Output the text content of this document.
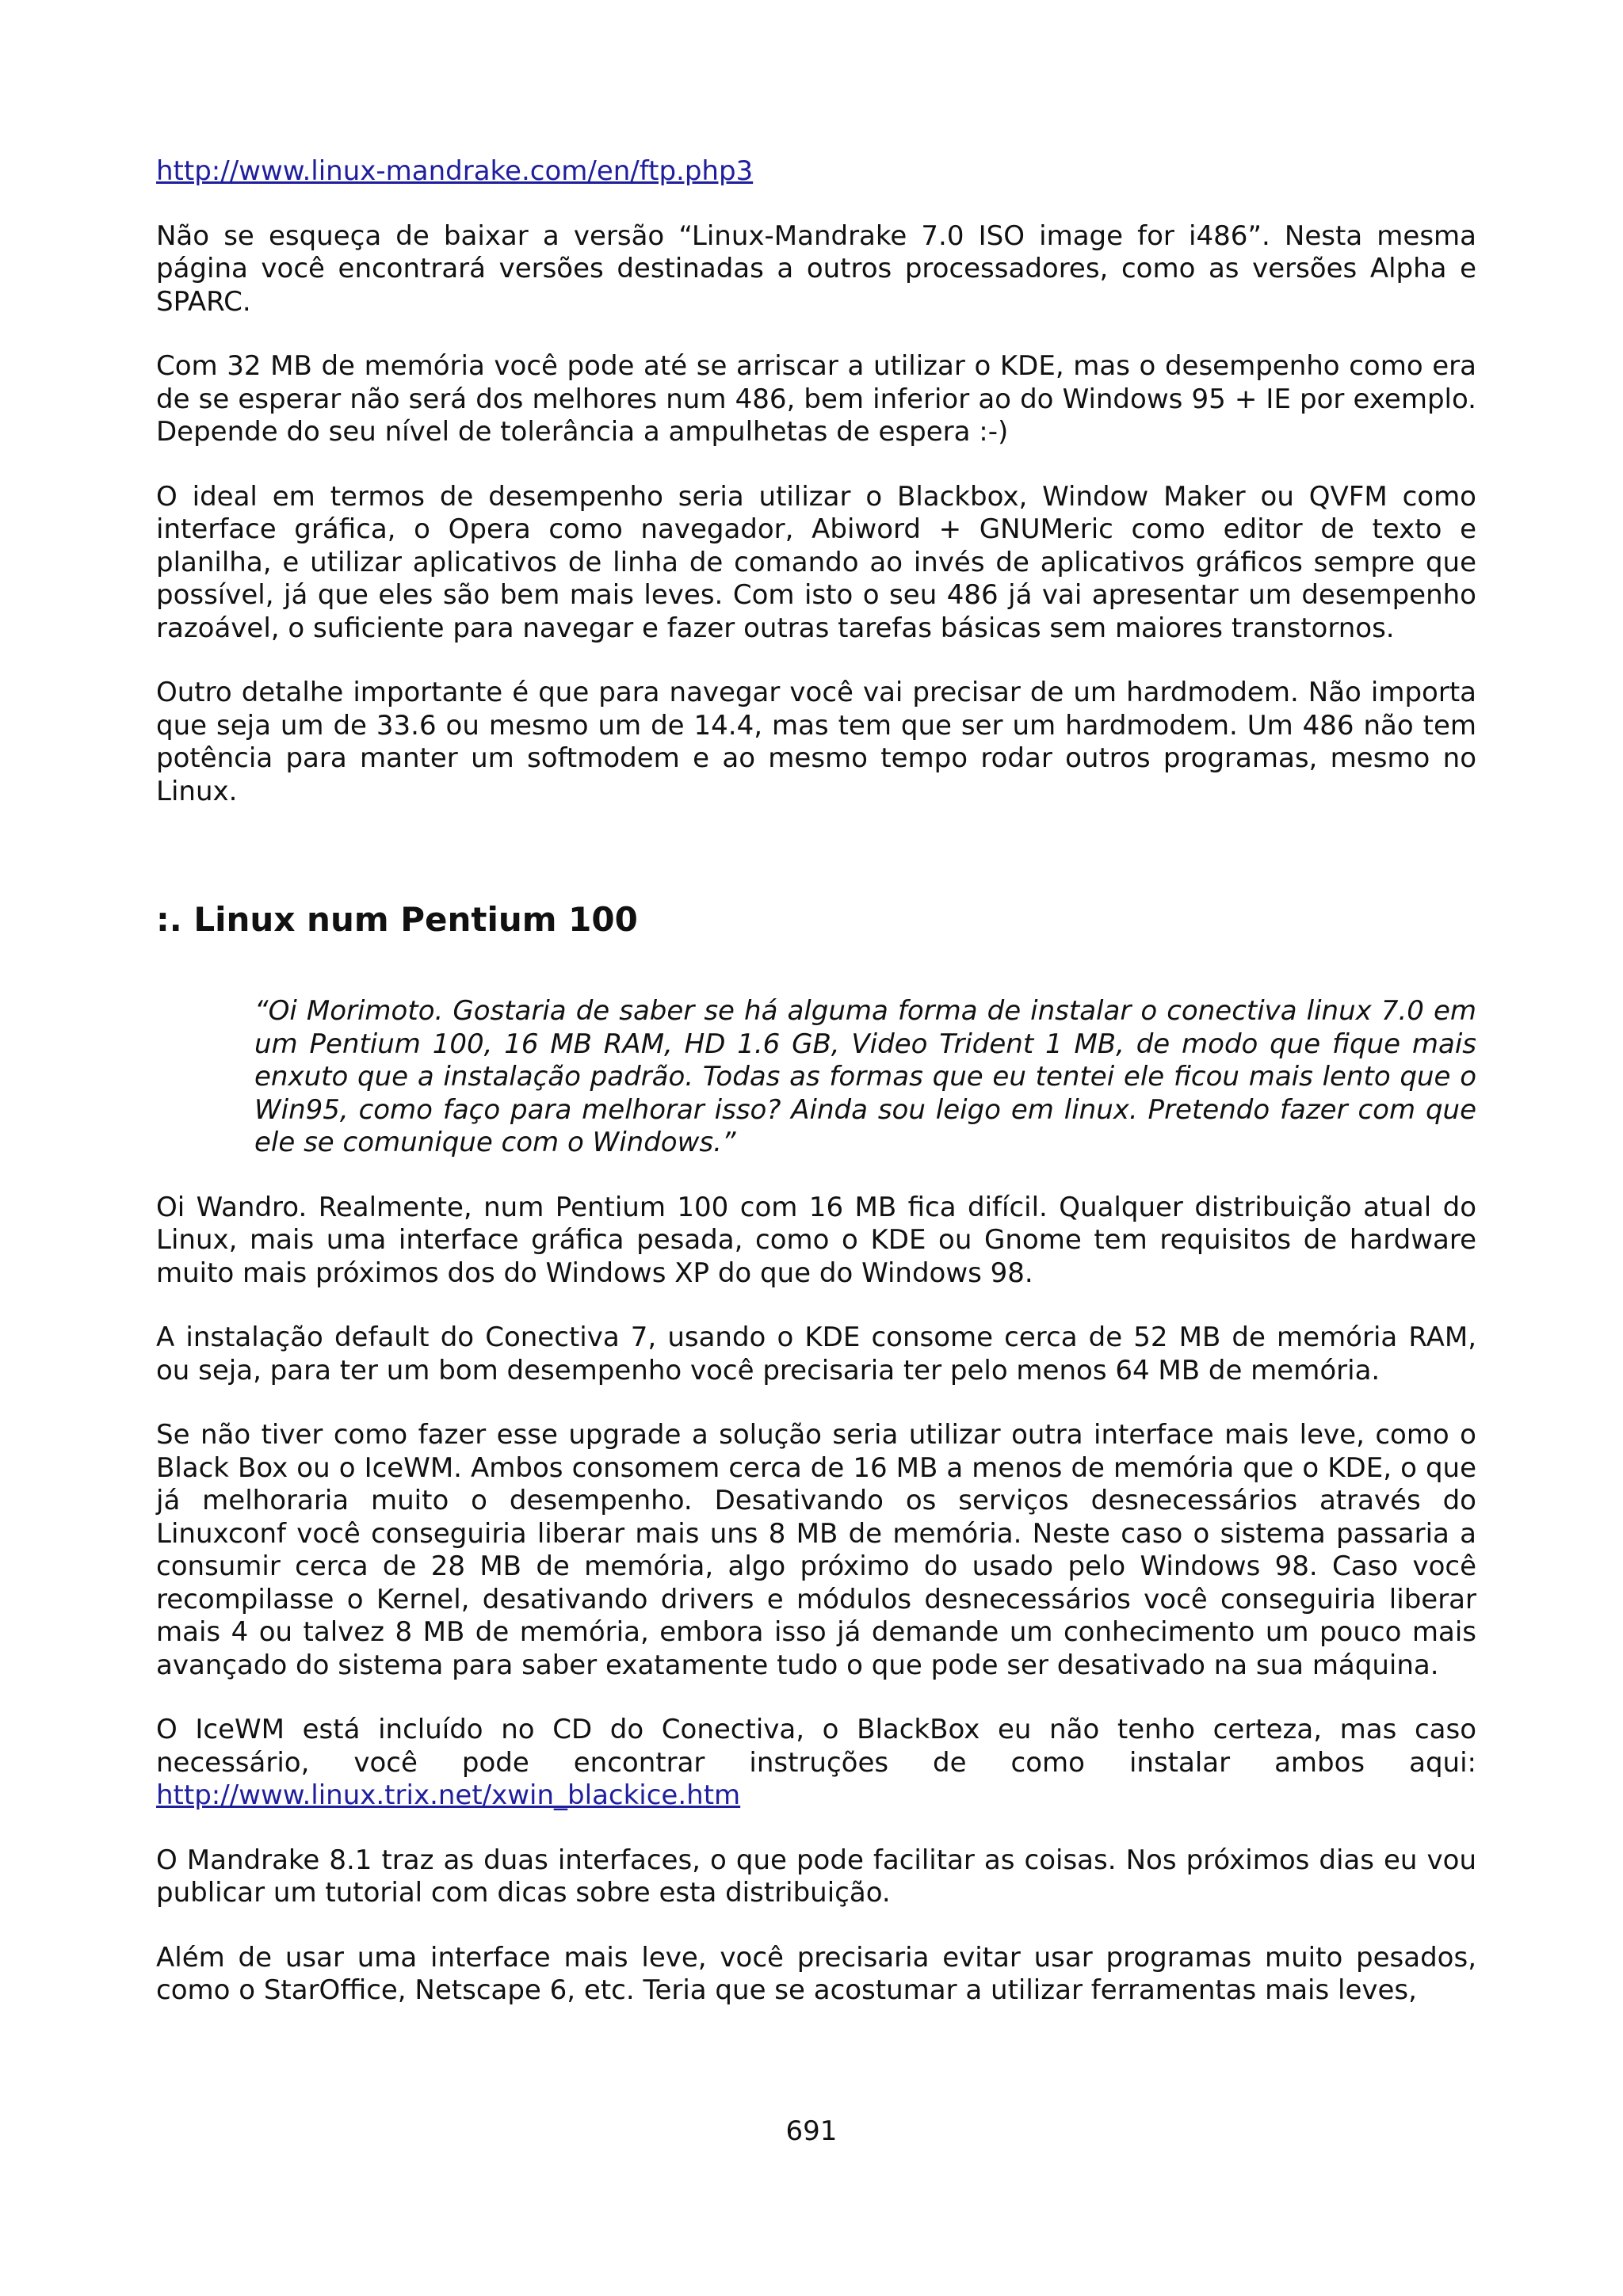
http://www.linux-mandrake.com/en/ftp.php3

Não se esqueça de baixar a versão “Linux-Mandrake 7.0 ISO image for i486”. Nesta mesma página você encontrará versões destinadas a outros processadores, como as versões Alpha e SPARC.

Com 32 MB de memória você pode até se arriscar a utilizar o KDE, mas o desempenho como era de se esperar não será dos melhores num 486, bem inferior ao do Windows 95 + IE por exemplo. Depende do seu nível de tolerância a ampulhetas de espera :-)

O ideal em termos de desempenho seria utilizar o Blackbox, Window Maker ou QVFM como interface gráfica, o Opera como navegador, Abiword + GNUMeric como editor de texto e planilha, e utilizar aplicativos de linha de comando ao invés de aplicativos gráficos sempre que possível, já que eles são bem mais leves. Com isto o seu 486 já vai apresentar um desempenho razoável, o suficiente para navegar e fazer outras tarefas básicas sem maiores transtornos.

Outro detalhe importante é que para navegar você vai precisar de um hardmodem. Não importa que seja um de 33.6 ou mesmo um de 14.4, mas tem que ser um hardmodem. Um 486 não tem potência para manter um softmodem e ao mesmo tempo rodar outros programas, mesmo no Linux.

:. Linux num Pentium 100

“Oi Morimoto. Gostaria de saber se há alguma forma de instalar o conectiva linux 7.0 em um Pentium 100, 16 MB RAM, HD 1.6 GB, Video Trident 1 MB, de modo que fique mais enxuto que a instalação padrão. Todas as formas que eu tentei ele ficou mais lento que o Win95, como faço para melhorar isso? Ainda sou leigo em linux. Pretendo fazer com que ele se comunique com o Windows.”

Oi Wandro. Realmente, num Pentium 100 com 16 MB fica difícil. Qualquer distribuição atual do Linux, mais uma interface gráfica pesada, como o KDE ou Gnome tem requisitos de hardware muito mais próximos dos do Windows XP do que do Windows 98.

A instalação default do Conectiva 7, usando o KDE consome cerca de 52 MB de memória RAM, ou seja, para ter um bom desempenho você precisaria ter pelo menos 64 MB de memória.

Se não tiver como fazer esse upgrade a solução seria utilizar outra interface mais leve, como o Black Box ou o IceWM. Ambos consomem cerca de 16 MB a menos de memória que o KDE, o que já melhoraria muito o desempenho. Desativando os serviços desnecessários através do Linuxconf você conseguiria liberar mais uns 8 MB de memória. Neste caso o sistema passaria a consumir cerca de 28 MB de memória, algo próximo do usado pelo Windows 98. Caso você recompilasse o Kernel, desativando drivers e módulos desnecessários você conseguiria liberar mais 4 ou talvez 8 MB de memória, embora isso já demande um conhecimento um pouco mais avançado do sistema para saber exatamente tudo o que pode ser desativado na sua máquina.

O IceWM está incluído no CD do Conectiva, o BlackBox eu não tenho certeza, mas caso necessário, você pode encontrar instruções de como instalar ambos aqui: http://www.linux.trix.net/xwin_blackice.htm

O Mandrake 8.1 traz as duas interfaces, o que pode facilitar as coisas. Nos próximos dias eu vou publicar um tutorial com dicas sobre esta distribuição.

Além de usar uma interface mais leve, você precisaria evitar usar programas muito pesados, como o StarOffice, Netscape 6, etc. Teria que se acostumar a utilizar ferramentas mais leves,

691
